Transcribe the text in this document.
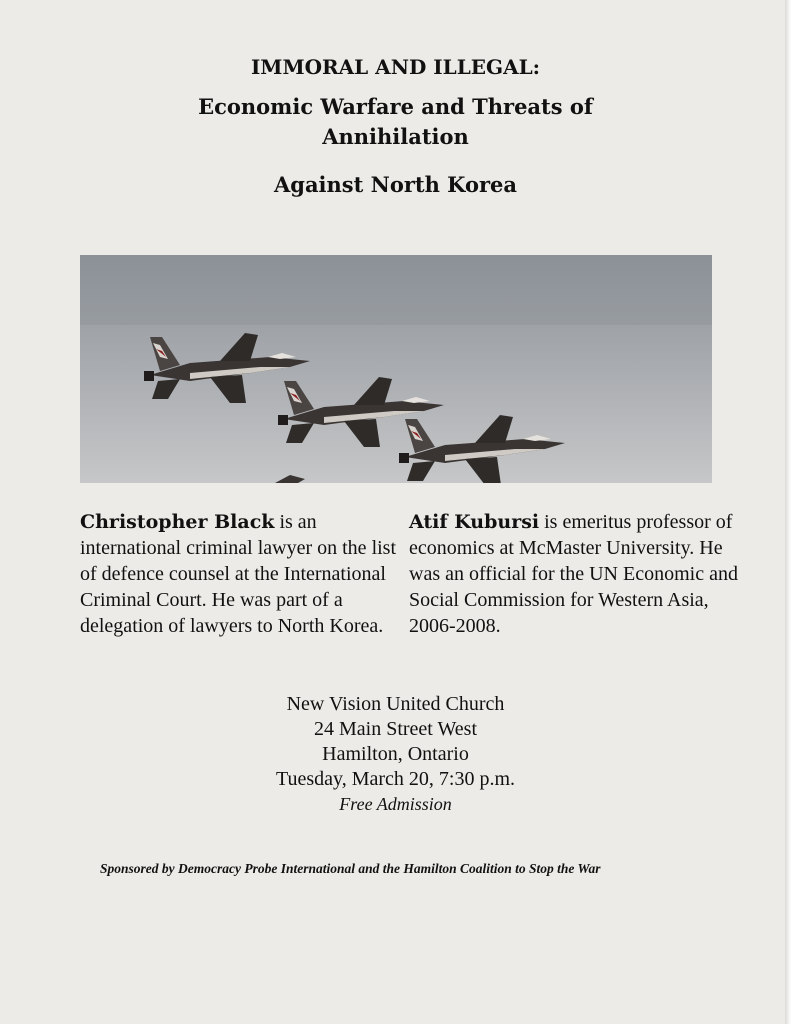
IMMORAL AND ILLEGAL:

Economic Warfare and Threats of Annihilation

Against North Korea

Christopher Black is an international criminal lawyer on the list of defence counsel at the International Criminal Court. He was part of a delegation of lawyers to North Korea.

Atif Kubursi is emeritus professor of economics at McMaster University. He was an official for the UN Economic and Social Commission for Western Asia, 2006-2008.

New Vision United Church
24 Main Street West
Hamilton, Ontario
Tuesday, March 20, 7:30 p.m.
Free Admission
Sponsored by Democracy Probe International and the Hamilton Coalition to Stop the War
